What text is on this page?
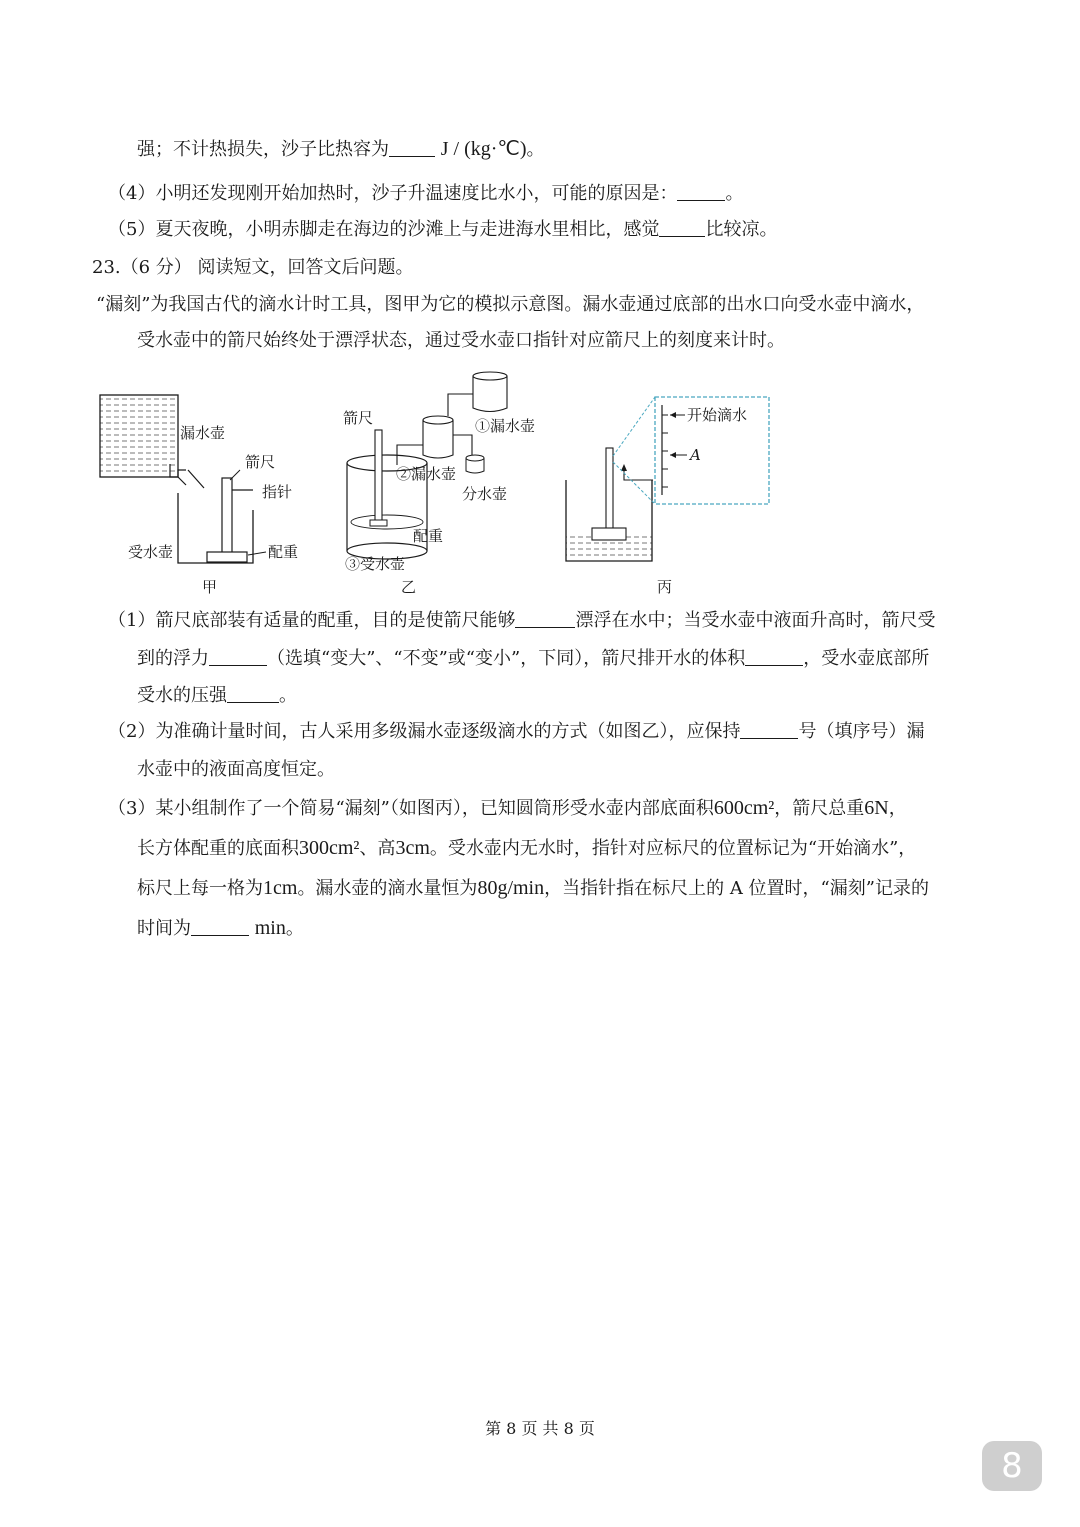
强；不计热损失，沙子比热容为	J / (kg·℃)。
（4）小明还发现刚开始加热时，沙子升温速度比水小，可能的原因是：	。
（5）夏天夜晚，小明赤脚走在海边的沙滩上与走进海水里相比，感觉	比较凉。
23.（6 分） 阅读短文，回答文后问题。
“漏刻”为我国古代的滴水计时工具，图甲为它的模拟示意图。漏水壶通过底部的出水口向受水壶中滴水，
受水壶中的箭尺始终处于漂浮状态，通过受水壶口指针对应箭尺上的刻度来计时。
漏水壶
箭尺
指针
受水壶	配重
甲
箭尺	①漏水壶
②漏水壶
分水壶
配重
③受水壶
乙
开始滴水
A
丙
（1）箭尺底部装有适量的配重，目的是使箭尺能够	漂浮在水中；当受水壶中液面升高时，箭尺受
到的浮力	（选填“变大”、“不变”或“变小”，下同），箭尺排开水的体积	，受水壶底部所
受水的压强	。
（2）为准确计量时间，古人采用多级漏水壶逐级滴水的方式（如图乙），应保持	号（填序号）漏
水壶中的液面高度恒定。
（3）某小组制作了一个简易“漏刻”（如图丙），已知圆筒形受水壶内部底面积600cm²，箭尺总重6N，
长方体配重的底面积300cm²、高3cm。受水壶内无水时，指针对应标尺的位置标记为“开始滴水”，
标尺上每一格为1cm。漏水壶的滴水量恒为80g/min，当指针指在标尺上的 A 位置时，“漏刻”记录的
时间为	min。
第 8 页 共 8 页
8
